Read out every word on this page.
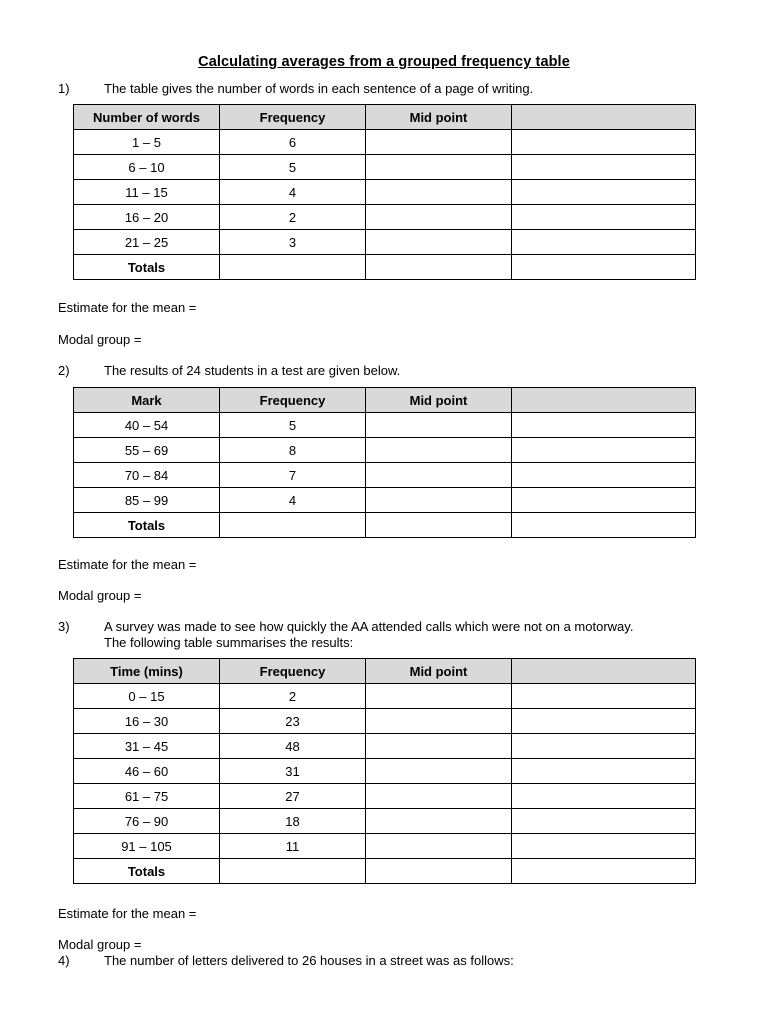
Calculating averages from a grouped frequency table
1)	The table gives the number of words in each sentence of a page of writing.
Number of words	Frequency	Mid point	
1 – 5	6		
6 – 10	5		
11 – 15	4		
16 – 20	2		
21 – 25	3		
Totals			
Estimate for the mean =
Modal group =
2)	The results of 24 students in a test are given below.
Mark	Frequency	Mid point	
40 – 54	5		
55 – 69	8		
70 – 84	7		
85 – 99	4		
Totals			
Estimate for the mean =
Modal group =
3)	A survey was made to see how quickly the AA attended calls which were not on a motorway.
The following table summarises the results:
Time (mins)	Frequency	Mid point	
0 – 15	2		
16 – 30	23		
31 – 45	48		
46 – 60	31		
61 – 75	27		
76 – 90	18		
91 – 105	11		
Totals			
Estimate for the mean =
Modal group =
4)	The number of letters delivered to 26 houses in a street was as follows:
